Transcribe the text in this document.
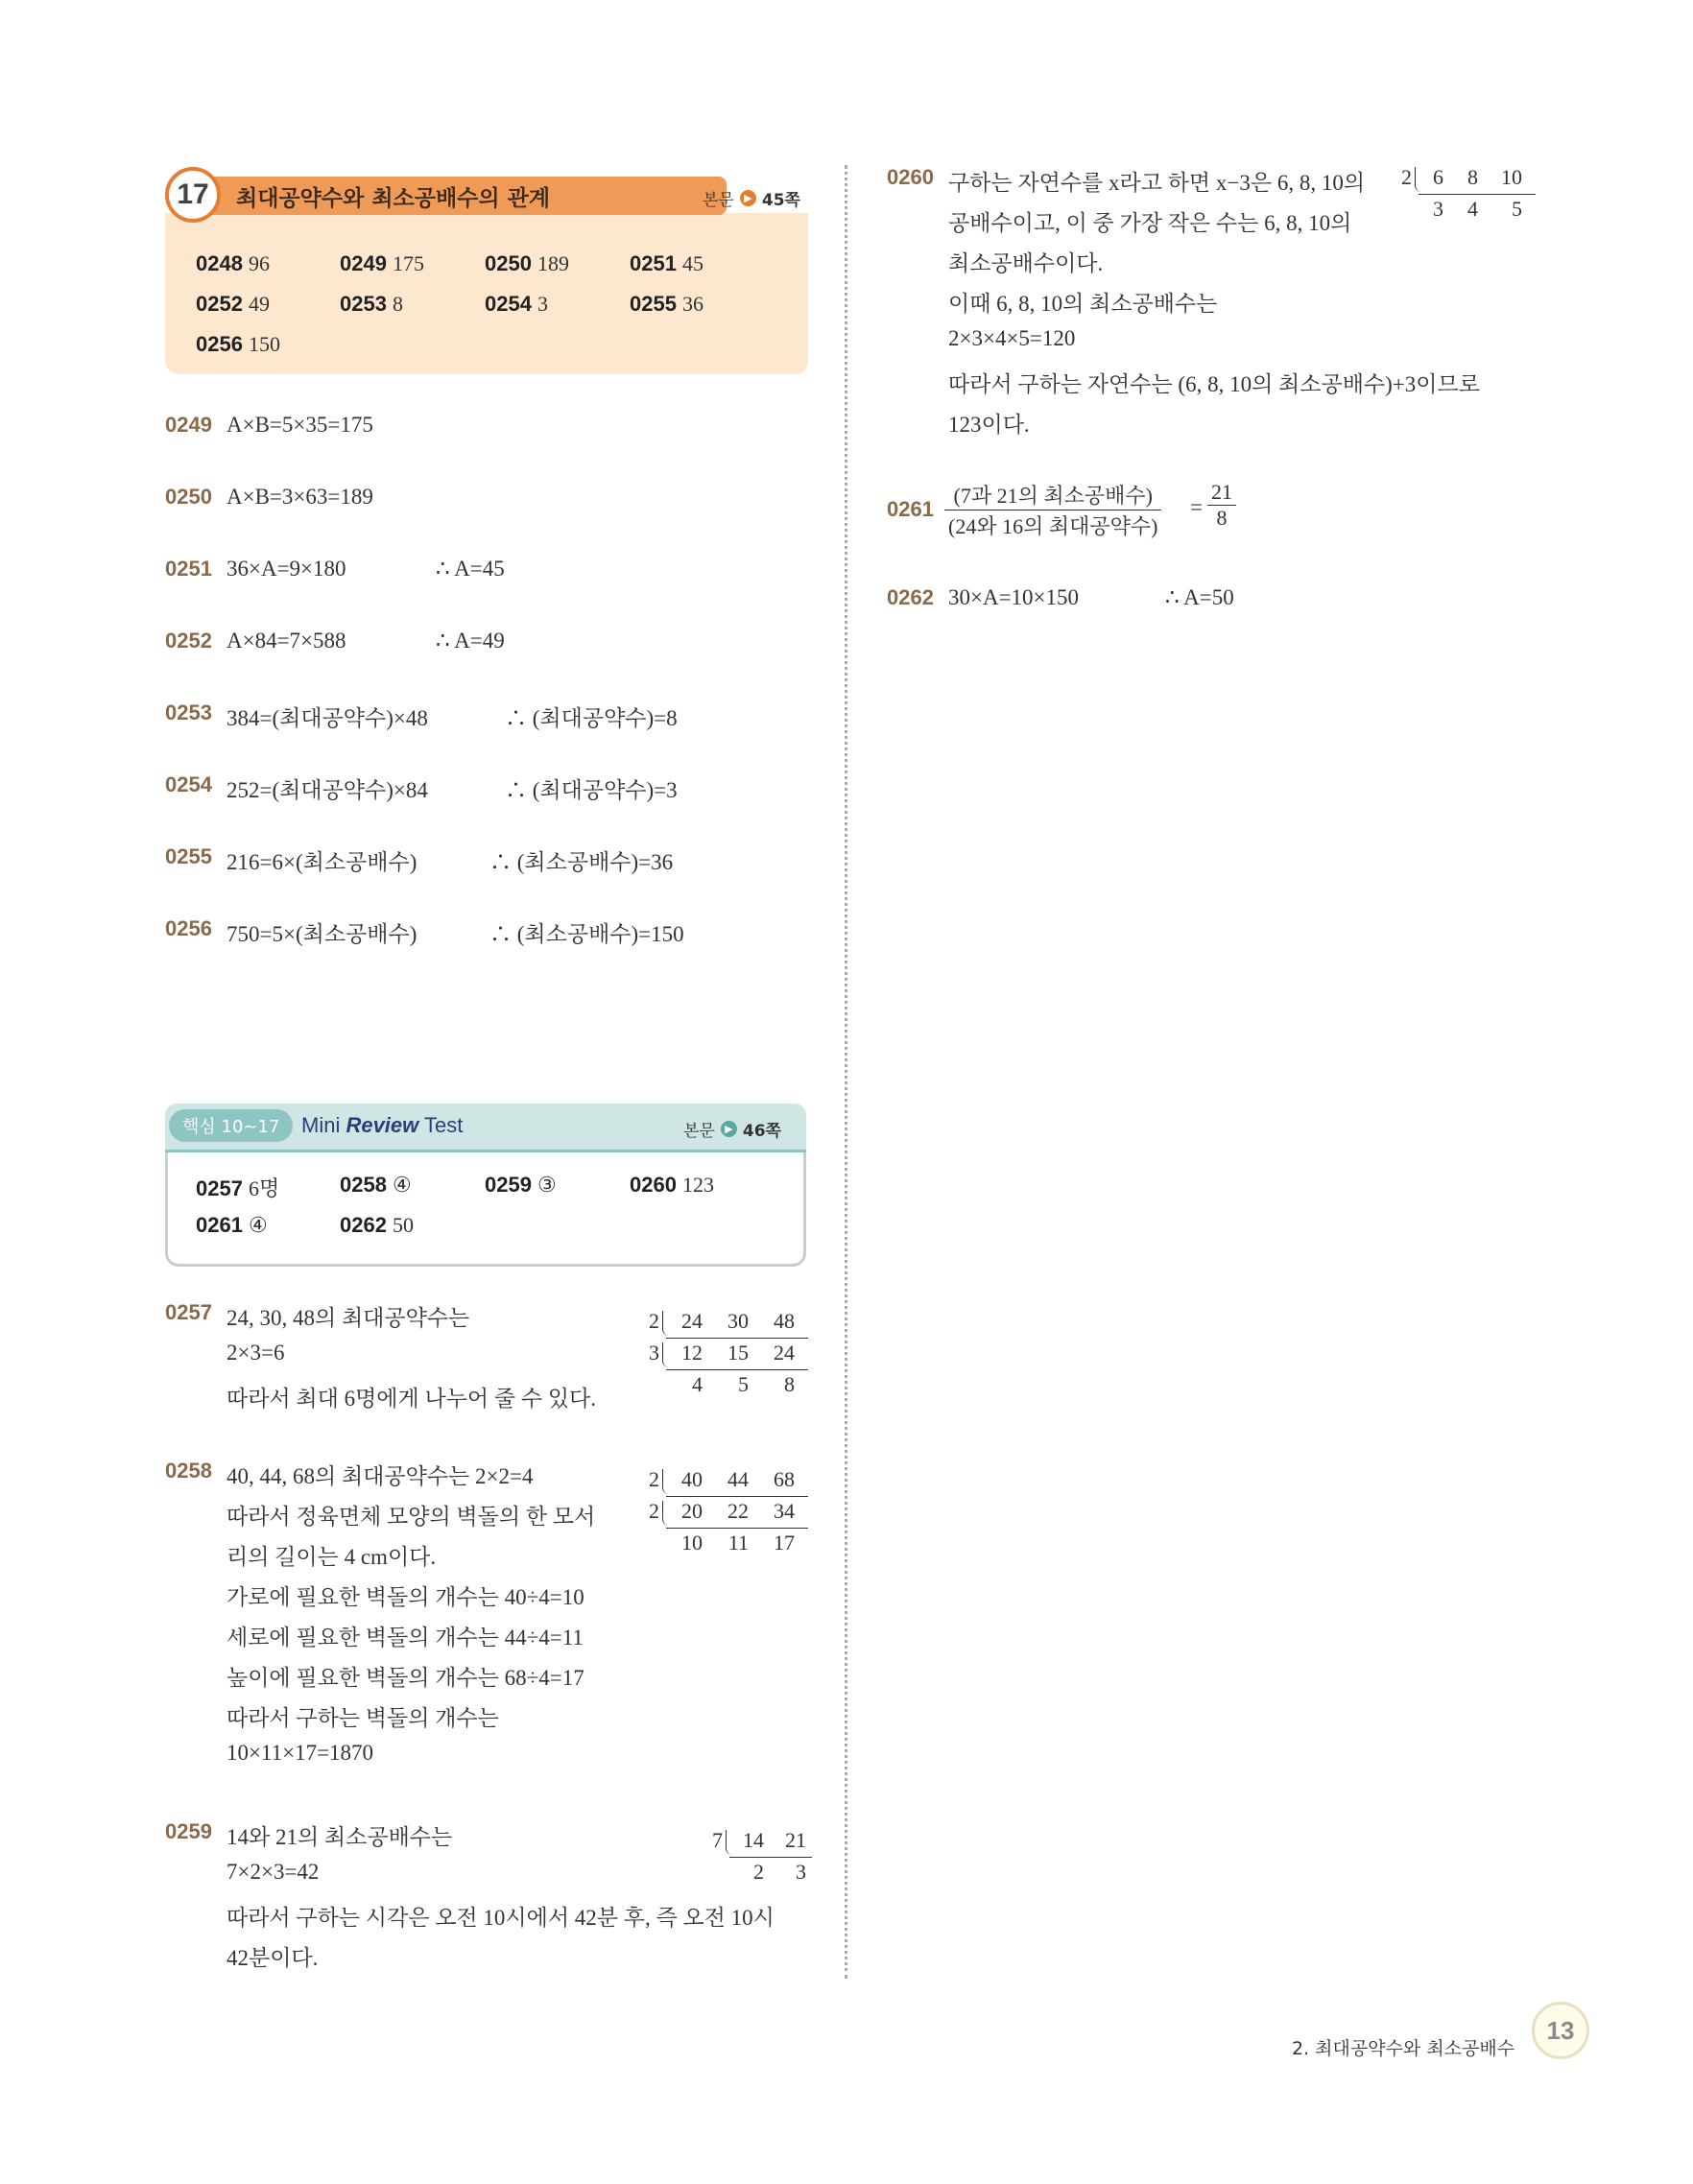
17	최대공약수와 최소공배수의 관계	본문 ▶ 45쪽
0248 96	0249 175	0250 189	0251 45
0252 49	0253 8	0254 3	0255 36
0256 150
0249 A×B=5×35=175
0250 A×B=3×63=189
0251 36×A=9×180	∴ A=45
0252 A×84=7×588	∴ A=49
0253 384=(최대공약수)×48	∴ (최대공약수)=8
0254 252=(최대공약수)×84	∴ (최대공약수)=3
0255 216=6×(최소공배수)	∴ (최소공배수)=36
0256 750=5×(최소공배수)	∴ (최소공배수)=150
핵심 10~17	Mini Review Test	본문 ▶ 46쪽
0257 6명	0258 ④	0259 ③	0260 123
0261 ④	0262 50
0257 24, 30, 48의 최대공약수는
2×3=6
따라서 최대 6명에게 나누어 줄 수 있다.
2
3
24	30	48
12	15	24
4	5	8
0258 40, 44, 68의 최대공약수는 2×2=4
따라서 정육면체 모양의 벽돌의 한 모서
리의 길이는 4 cm이다.
가로에 필요한 벽돌의 개수는 40÷4=10
세로에 필요한 벽돌의 개수는 44÷4=11
높이에 필요한 벽돌의 개수는 68÷4=17
따라서 구하는 벽돌의 개수는
10×11×17=1870
2
2
40	44	68
20	22	34
10	11	17
0259 14와 21의 최소공배수는
7×2×3=42
따라서 구하는 시각은 오전 10시에서 42분 후, 즉 오전 10시
42분이다.
7 14	21
2	3
0260 구하는 자연수를 x라고 하면 x−3은 6, 8, 10의
공배수이고, 이 중 가장 작은 수는 6, 8, 10의
최소공배수이다.
이때 6, 8, 10의 최소공배수는
2×3×4×5=120
따라서 구하는 자연수는 (6, 8, 10의 최소공배수)+3이므로
123이다.
2	6	8	10
3	4	5
0261
(7과 21의 최소공배수)
(24와 16의 최대공약수)
= $\frac{21}{8}$
0262 30×A=10×150	∴ A=50
2. 최대공약수와 최소공배수
13
